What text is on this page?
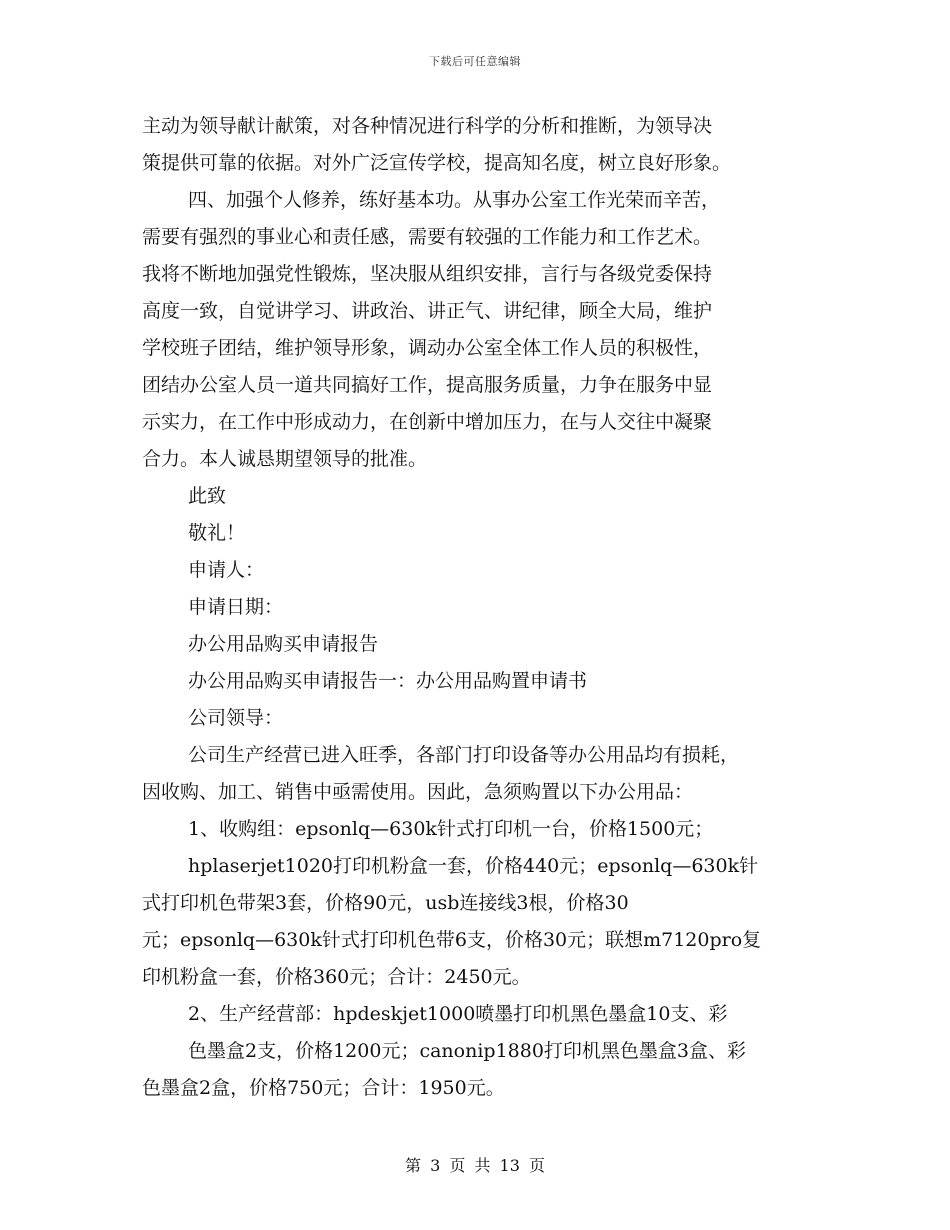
下载后可任意编辑
主动为领导献计献策，对各种情况进行科学的分析和推断，为领导决
策提供可靠的依据。对外广泛宣传学校，提高知名度，树立良好形象。
四、加强个人修养，练好基本功。从事办公室工作光荣而辛苦，
需要有强烈的事业心和责任感，需要有较强的工作能力和工作艺术。
我将不断地加强党性锻炼，坚决服从组织安排，言行与各级党委保持
高度一致，自觉讲学习、讲政治、讲正气、讲纪律，顾全大局，维护
学校班子团结，维护领导形象，调动办公室全体工作人员的积极性，
团结办公室人员一道共同搞好工作，提高服务质量，力争在服务中显
示实力，在工作中形成动力，在创新中增加压力，在与人交往中凝聚
合力。本人诚恳期望领导的批准。
此致
敬礼！
申请人：
申请日期：
办公用品购买申请报告
办公用品购买申请报告一：办公用品购置申请书
公司领导：
公司生产经营已进入旺季，各部门打印设备等办公用品均有损耗，
因收购、加工、销售中亟需使用。因此，急须购置以下办公用品：
1、收购组：epsonlq—630k针式打印机一台，价格1500元；
hplaserjet1020打印机粉盒一套，价格440元；epsonlq—630k针
式打印机色带架3套，价格90元，usb连接线3根，价格30
元；epsonlq—630k针式打印机色带6支，价格30元；联想m7120pro复
印机粉盒一套，价格360元；合计：2450元。
2、生产经营部：hpdeskjet1000喷墨打印机黑色墨盒10支、彩
色墨盒2支，价格1200元；canonip1880打印机黑色墨盒3盒、彩
色墨盒2盒，价格750元；合计：1950元。
第 3 页 共 13 页
